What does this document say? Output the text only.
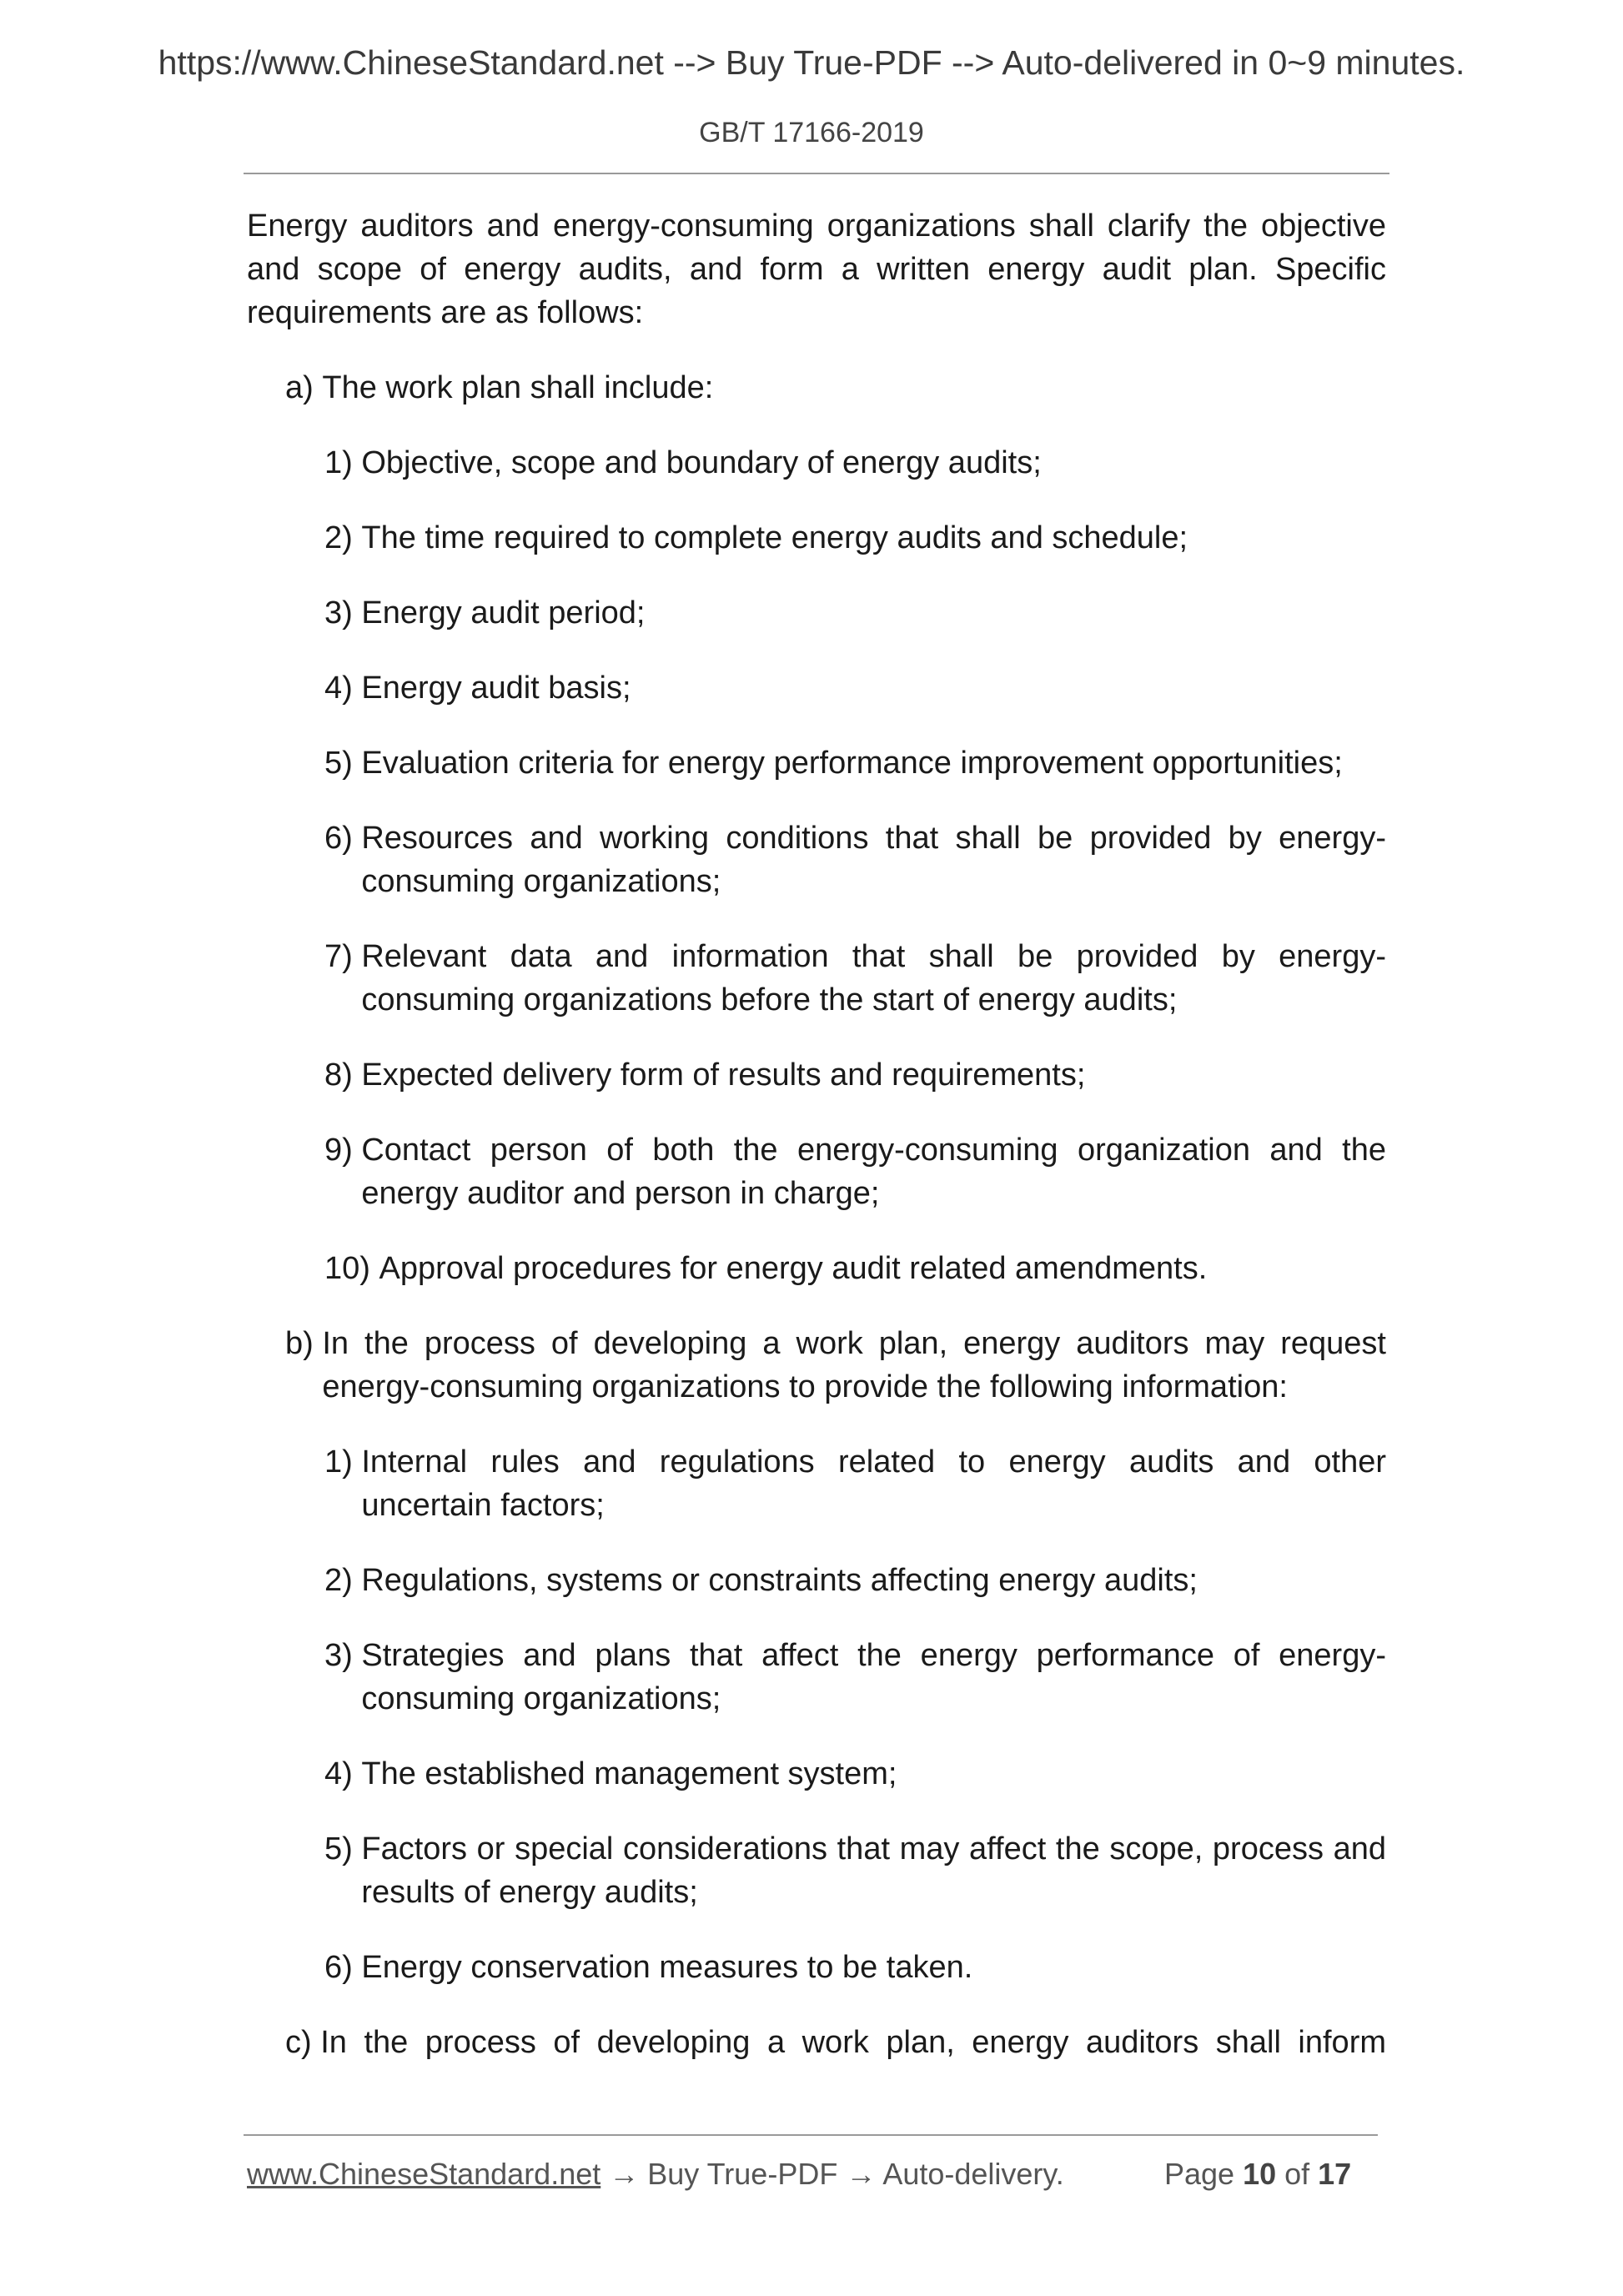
https://www.ChineseStandard.net --> Buy True-PDF --> Auto-delivered in 0~9 minutes.
GB/T 17166-2019

Energy auditors and energy-consuming organizations shall clarify the objective and scope of energy audits, and form a written energy audit plan. Specific requirements are as follows:

a)
The work plan shall include:
1)
Objective, scope and boundary of energy audits;
2)
The time required to complete energy audits and schedule;
3)
Energy audit period;
4)
Energy audit basis;
5)
Evaluation criteria for energy performance improvement opportunities;
6)
Resources and working conditions that shall be provided by energy-consuming organizations;
7)
Relevant data and information that shall be provided by energy-consuming organizations before the start of energy audits;
8)
Expected delivery form of results and requirements;
9)
Contact person of both the energy-consuming organization and the energy auditor and person in charge;
10)
Approval procedures for energy audit related amendments.
b)
In the process of developing a work plan, energy auditors may request energy-consuming organizations to provide the following information:
1)
Internal rules and regulations related to energy audits and other uncertain factors;
2)
Regulations, systems or constraints affecting energy audits;
3)
Strategies and plans that affect the energy performance of energy-consuming organizations;
4)
The established management system;
5)
Factors or special considerations that may affect the scope, process and results of energy audits;
6)
Energy conservation measures to be taken.
c)
In the process of developing a work plan, energy auditors shall inform
www.ChineseStandard.net → Buy True-PDF → Auto-delivery.	Page 10 of 17
